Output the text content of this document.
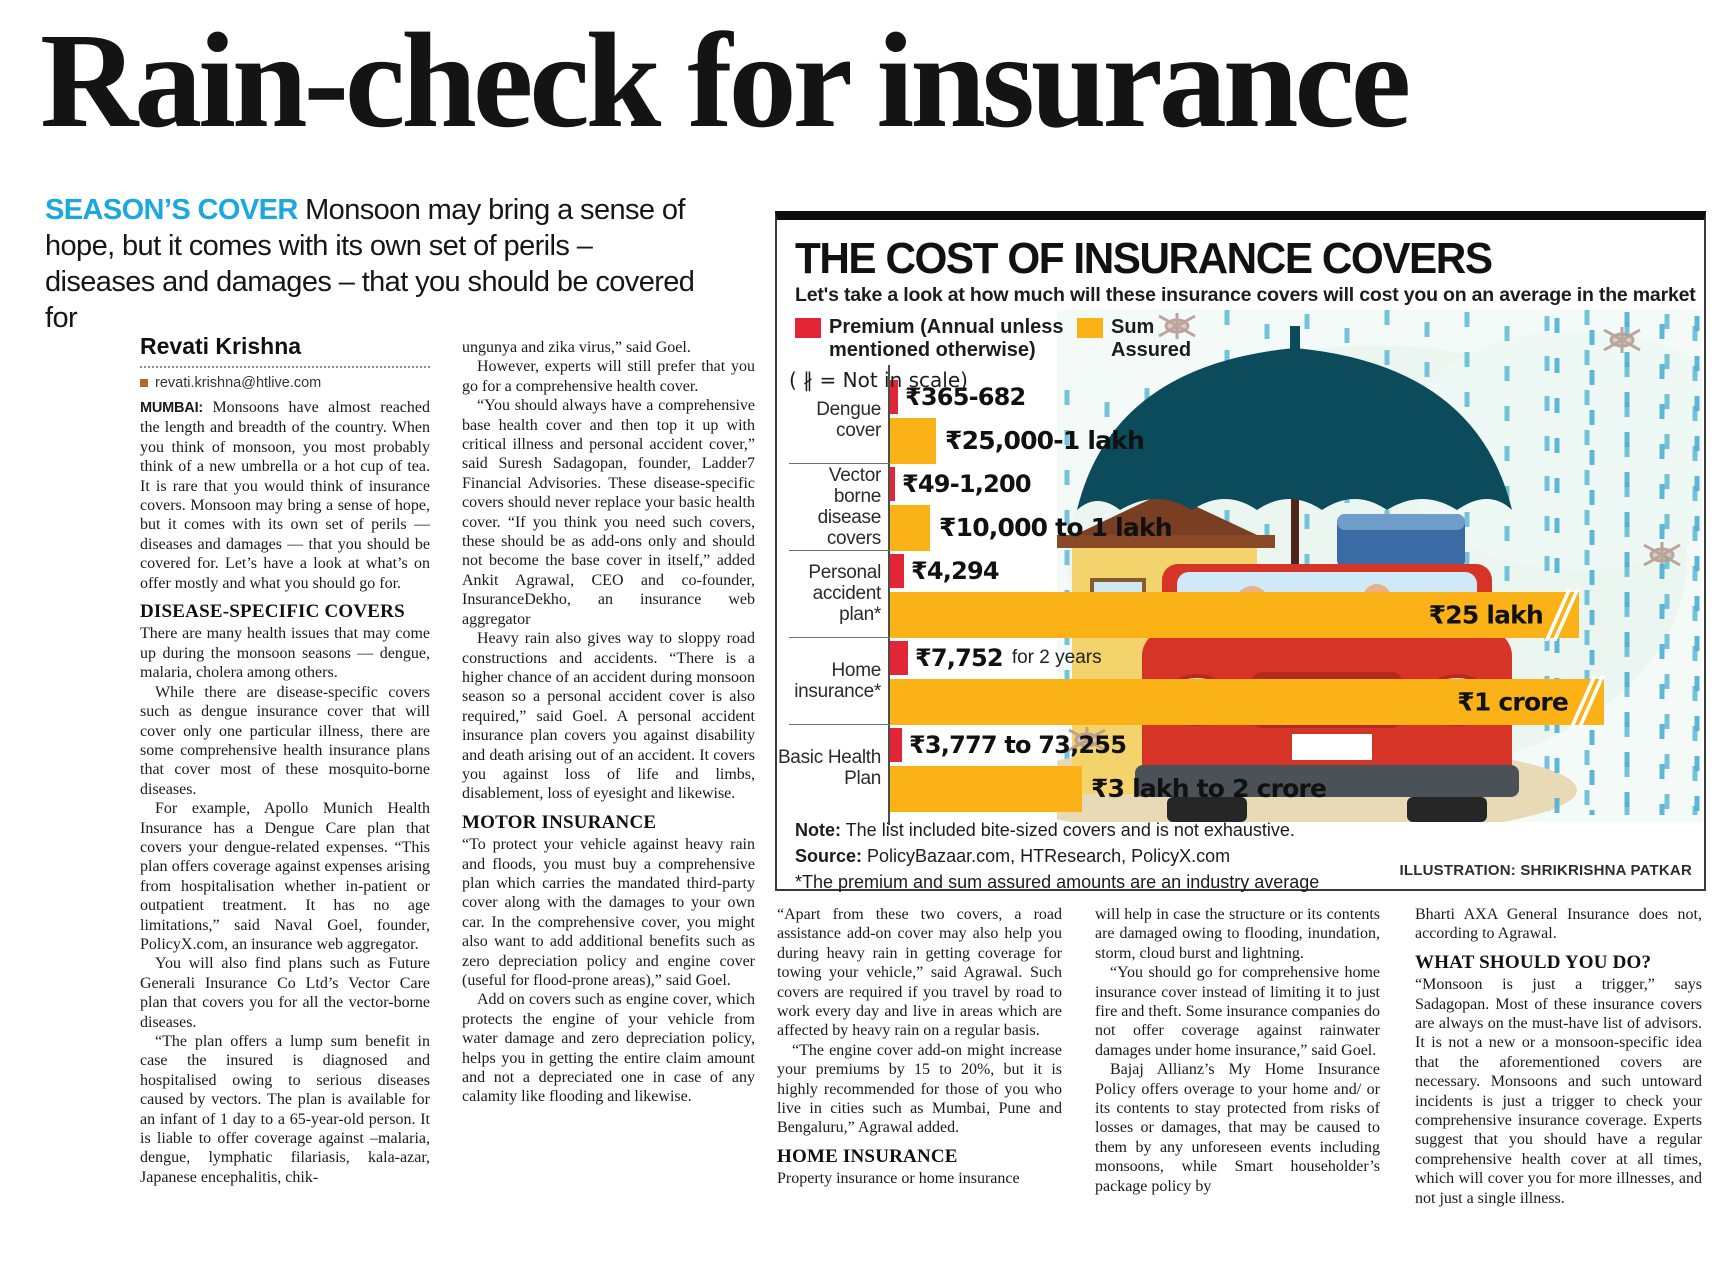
Rain-check for insurance

SEASON’S COVER Monsoon may bring a sense of hope, but it comes with its own set of perils – diseases and damages – that you should be covered for

Revati Krishna
revati.krishna@htlive.com

MUMBAI: Monsoons have almost reached the length and breadth of the country. When you think of monsoon, you most probably think of a new umbrella or a hot cup of tea. It is rare that you would think of insurance covers. Monsoon may bring a sense of hope, but it comes with its own set of perils — diseases and damages — that you should be covered for. Let’s have a look at what’s on offer mostly and what you should go for.

DISEASE-SPECIFIC COVERS

There are many health issues that may come up during the monsoon seasons — dengue, malaria, cholera among others.

While there are disease-specific covers such as dengue insurance cover that will cover only one particular illness, there are some comprehensive health insurance plans that cover most of these mosquito-borne diseases.

For example, Apollo Munich Health Insurance has a Dengue Care plan that covers your dengue-related expenses. “This plan offers coverage against expenses arising from hospitalisation whether in-patient or outpatient treatment. It has no age limitations,” said Naval Goel, founder, PolicyX.com, an insurance web aggregator.

You will also find plans such as Future Generali Insurance Co Ltd’s Vector Care plan that covers you for all the vector-borne diseases.

“The plan offers a lump sum benefit in case the insured is diagnosed and hospitalised owing to serious diseases caused by vectors. The plan is available for an infant of 1 day to a 65-year-old person. It is liable to offer coverage against –malaria, dengue, lymphatic filariasis, kala-azar, Japanese encephalitis, chik-

ungunya and zika virus,” said Goel.

However, experts will still prefer that you go for a comprehensive health cover.

“You should always have a comprehensive base health cover and then top it up with critical illness and personal accident cover,” said Suresh Sadagopan, founder, Ladder7 Financial Advisories. These disease-specific covers should never replace your basic health cover. “If you think you need such covers, these should be as add-ons only and should not become the base cover in itself,” added Ankit Agrawal, CEO and co-founder, InsuranceDekho, an insurance web aggregator

Heavy rain also gives way to sloppy road constructions and accidents. “There is a higher chance of an accident during monsoon season so a personal accident cover is also required,” said Goel. A personal accident insurance plan covers you against disability and death arising out of an accident. It covers you against loss of life and limbs, disablement, loss of eyesight and likewise.

MOTOR INSURANCE

“To protect your vehicle against heavy rain and floods, you must buy a comprehensive plan which carries the mandated third-party cover along with the damages to your own car. In the comprehensive cover, you might also want to add additional benefits such as zero depreciation policy and engine cover (useful for flood-prone areas),” said Goel.

Add on covers such as engine cover, which protects the engine of your vehicle from water damage and zero depreciation policy, helps you in getting the entire claim amount and not a depreciated one in case of any calamity like flooding and likewise.

THE COST OF INSURANCE COVERS
Let's take a look at how much will these insurance covers will cost you on an average in the market
Premium (Annual unless
mentioned otherwise)
Sum
Assured
( ∦ = Not in scale)
Dengue cover
₹365-682
₹25,000-1 lakh
Vector borne disease covers
₹49-1,200
₹10,000 to 1 lakh
Personal accident plan*
₹4,294
₹25 lakh
Home insurance*
₹7,752 for 2 years
₹1 crore
Basic Health Plan
₹3,777 to 73,255
₹3 lakh to 2 crore
Note: The list included bite-sized covers and is not exhaustive.
Source: PolicyBazaar.com, HTResearch, PolicyX.com
*The premium and sum assured amounts are an industry average
ILLUSTRATION: SHRIKRISHNA PATKAR

“Apart from these two covers, a road assistance add-on cover may also help you during heavy rain in getting coverage for towing your vehicle,” said Agrawal. Such covers are required if you travel by road to work every day and live in areas which are affected by heavy rain on a regular basis.

“The engine cover add-on might increase your premiums by 15 to 20%, but it is highly recommended for those of you who live in cities such as Mumbai, Pune and Bengaluru,” Agrawal added.

HOME INSURANCE

Property insurance or home insurance

will help in case the structure or its contents are damaged owing to flooding, inundation, storm, cloud burst and lightning.

“You should go for comprehensive home insurance cover instead of limiting it to just fire and theft. Some insurance companies do not offer coverage against rainwater damages under home insurance,” said Goel.

Bajaj Allianz’s My Home Insurance Policy offers overage to your home and/ or its contents to stay protected from risks of losses or damages, that may be caused to them by any unforeseen events including monsoons, while Smart householder’s package policy by

Bharti AXA General Insurance does not, according to Agrawal.

WHAT SHOULD YOU DO?

“Monsoon is just a trigger,” says Sadagopan. Most of these insurance covers are always on the must-have list of advisors. It is not a new or a monsoon-specific idea that the aforementioned covers are necessary. Monsoons and such untoward incidents is just a trigger to check your comprehensive insurance coverage. Experts suggest that you should have a regular comprehensive health cover at all times, which will cover you for more illnesses, and not just a single illness.
